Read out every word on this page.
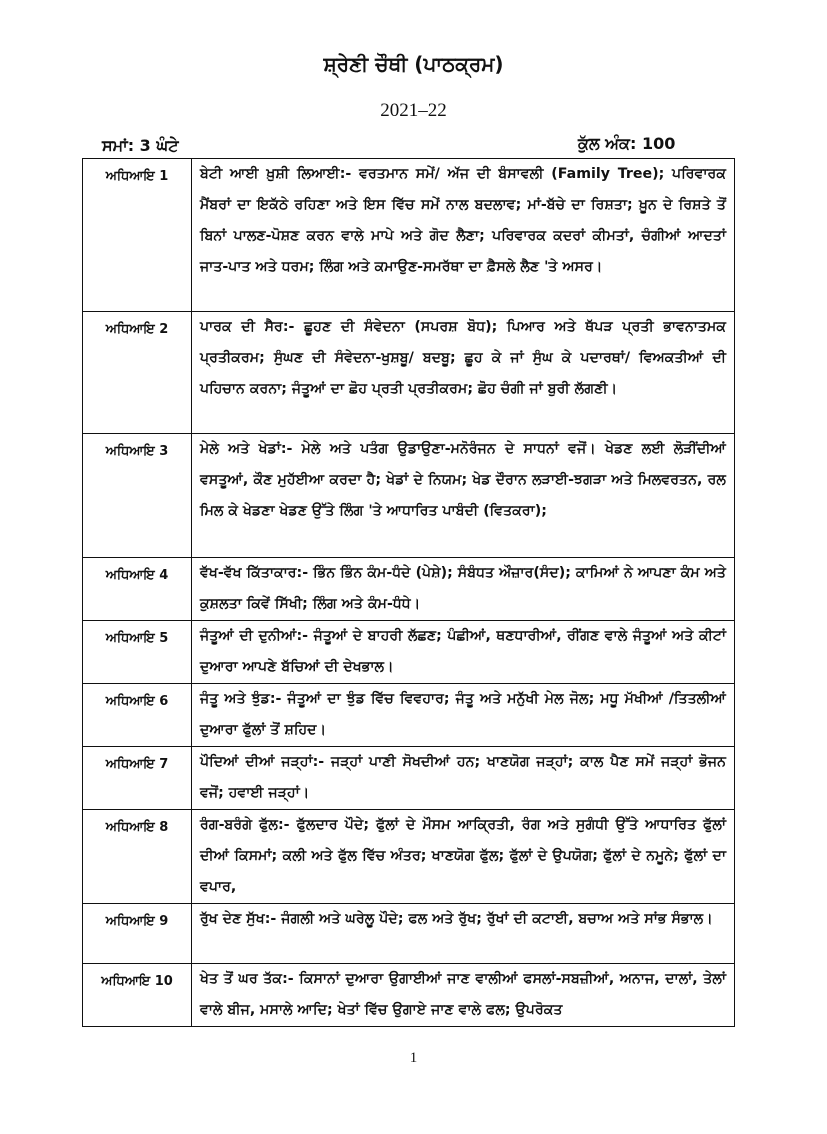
ਸ਼੍ਰੇਣੀ ਚੌਥੀ (ਪਾਠਕ੍ਰਮ)
2021–22
ਸਮਾਂ: 3 ਘੰਟੇ	ਕੁੱਲ ਅੰਕ: 100
ਅਧਿਆਇ 1	ਬੇਟੀ ਆਈ ਖ਼ੁਸ਼ੀ ਲਿਆਈ:- ਵਰਤਮਾਨ ਸਮੇਂ/ ਅੱਜ ਦੀ ਬੰਸਾਵਲੀ (Family Tree); ਪਰਿਵਾਰਕ ਮੈਂਬਰਾਂ ਦਾ ਇਕੱਠੇ ਰਹਿਣਾ ਅਤੇ ਇਸ ਵਿੱਚ ਸਮੇਂ ਨਾਲ ਬਦਲਾਵ; ਮਾਂ-ਬੱਚੇ ਦਾ ਰਿਸ਼ਤਾ; ਖ਼ੂਨ ਦੇ ਰਿਸ਼ਤੇ ਤੋਂ ਬਿਨਾਂ ਪਾਲਣ-ਪੋਸ਼ਣ ਕਰਨ ਵਾਲੇ ਮਾਪੇ ਅਤੇ ਗੋਦ ਲੈਣਾ; ਪਰਿਵਾਰਕ ਕਦਰਾਂ ਕੀਮਤਾਂ, ਚੰਗੀਆਂ ਆਦਤਾਂ ਜਾਤ-ਪਾਤ ਅਤੇ ਧਰਮ; ਲਿੰਗ ਅਤੇ ਕਮਾਉਣ-ਸਮਰੱਥਾ ਦਾ ਫ਼ੈਸਲੇ ਲੈਣ 'ਤੇ ਅਸਰ।
ਅਧਿਆਇ 2	ਪਾਰਕ ਦੀ ਸੈਰ:- ਛੂਹਣ ਦੀ ਸੰਵੇਦਨਾ (ਸਪਰਸ਼ ਬੋਧ); ਪਿਆਰ ਅਤੇ ਥੱਪੜ ਪ੍ਰਤੀ ਭਾਵਨਾਤਮਕ ਪ੍ਰਤੀਕਰਮ; ਸੁੰਘਣ ਦੀ ਸੰਵੇਦਨਾ-ਖੁਸ਼ਬੂ/ ਬਦਬੂ; ਛੂਹ ਕੇ ਜਾਂ ਸੁੰਘ ਕੇ ਪਦਾਰਥਾਂ/ ਵਿਅਕਤੀਆਂ ਦੀ ਪਹਿਚਾਨ ਕਰਨਾ; ਜੰਤੂਆਂ ਦਾ ਛੋਹ ਪ੍ਰਤੀ ਪ੍ਰਤੀਕਰਮ; ਛੋਹ ਚੰਗੀ ਜਾਂ ਬੁਰੀ ਲੱਗਣੀ।
ਅਧਿਆਇ 3	ਮੇਲੇ ਅਤੇ ਖੇਡਾਂ:- ਮੇਲੇ ਅਤੇ ਪਤੰਗ ਉਡਾਉਣਾ-ਮਨੋਰੰਜਨ ਦੇ ਸਾਧਨਾਂ ਵਜੋਂ। ਖੇਡਣ ਲਈ ਲੋੜੀਂਦੀਆਂ ਵਸਤੂਆਂ, ਕੌਣ ਮੁਹੱਈਆ ਕਰਦਾ ਹੈ; ਖੇਡਾਂ ਦੇ ਨਿਯਮ; ਖੇਡ ਦੌਰਾਨ ਲੜਾਈ-ਝਗੜਾ ਅਤੇ ਮਿਲਵਰਤਨ, ਰਲ ਮਿਲ ਕੇ ਖੇਡਣਾ ਖੇਡਣ ਉੱਤੇ ਲਿੰਗ 'ਤੇ ਆਧਾਰਿਤ ਪਾਬੰਦੀ (ਵਿਤਕਰਾ);
ਅਧਿਆਇ 4	ਵੱਖ-ਵੱਖ ਕਿੱਤਾਕਾਰ:- ਭਿੰਨ ਭਿੰਨ ਕੰਮ-ਧੰਦੇ (ਪੇਸ਼ੇ); ਸੰਬੰਧਤ ਔਜ਼ਾਰ(ਸੰਦ); ਕਾਮਿਆਂ ਨੇ ਆਪਣਾ ਕੰਮ ਅਤੇ ਕੁਸ਼ਲਤਾ ਕਿਵੇਂ ਸਿੱਖੀ; ਲਿੰਗ ਅਤੇ ਕੰਮ-ਧੰਧੇ।
ਅਧਿਆਇ 5	ਜੰਤੂਆਂ ਦੀ ਦੁਨੀਆਂ:- ਜੰਤੂਆਂ ਦੇ ਬਾਹਰੀ ਲੱਛਣ; ਪੰਛੀਆਂ, ਥਣਧਾਰੀਆਂ, ਰੀਂਗਣ ਵਾਲੇ ਜੰਤੂਆਂ ਅਤੇ ਕੀਟਾਂ ਦੁਆਰਾ ਆਪਣੇ ਬੱਚਿਆਂ ਦੀ ਦੇਖਭਾਲ।
ਅਧਿਆਇ 6	ਜੰਤੂ ਅਤੇ ਝੁੰਡ:- ਜੰਤੂਆਂ ਦਾ ਝੁੰਡ ਵਿੱਚ ਵਿਵਹਾਰ; ਜੰਤੂ ਅਤੇ ਮਨੁੱਖੀ ਮੇਲ ਜੋਲ; ਮਧੂ ਮੱਖੀਆਂ /ਤਿਤਲੀਆਂ ਦੁਆਰਾ ਫੁੱਲਾਂ ਤੋਂ ਸ਼ਹਿਦ।
ਅਧਿਆਇ 7	ਪੌਦਿਆਂ ਦੀਆਂ ਜੜ੍ਹਾਂ:- ਜੜ੍ਹਾਂ ਪਾਣੀ ਸੋਖਦੀਆਂ ਹਨ; ਖਾਣਯੋਗ ਜੜ੍ਹਾਂ; ਕਾਲ ਪੈਣ ਸਮੇਂ ਜੜ੍ਹਾਂ ਭੋਜਨ ਵਜੋਂ; ਹਵਾਈ ਜੜ੍ਹਾਂ।
ਅਧਿਆਇ 8	ਰੰਗ-ਬਰੰਗੇ ਫੁੱਲ:- ਫੁੱਲਦਾਰ ਪੌਦੇ; ਫੁੱਲਾਂ ਦੇ ਮੌਸਮ ਆਕ੍ਰਿਤੀ, ਰੰਗ ਅਤੇ ਸੁਗੰਧੀ ਉੱਤੇ ਆਧਾਰਿਤ ਫੁੱਲਾਂ ਦੀਆਂ ਕਿਸਮਾਂ; ਕਲੀ ਅਤੇ ਫੁੱਲ ਵਿੱਚ ਅੰਤਰ; ਖਾਣਯੋਗ ਫੁੱਲ; ਫੁੱਲਾਂ ਦੇ ਉਪਯੋਗ; ਫੁੱਲਾਂ ਦੇ ਨਮੂਨੇ; ਫੁੱਲਾਂ ਦਾ ਵਪਾਰ,
ਅਧਿਆਇ 9	ਰੁੱਖ ਦੇਣ ਸੁੱਖ:- ਜੰਗਲੀ ਅਤੇ ਘਰੇਲੂ ਪੌਦੇ; ਫਲ ਅਤੇ ਰੁੱਖ; ਰੁੱਖਾਂ ਦੀ ਕਟਾਈ, ਬਚਾਅ ਅਤੇ ਸਾਂਭ ਸੰਭਾਲ।
ਅਧਿਆਇ 10	ਖੇਤ ਤੋਂ ਘਰ ਤੱਕ:- ਕਿਸਾਨਾਂ ਦੁਆਰਾ ਉਗਾਈਆਂ ਜਾਣ ਵਾਲੀਆਂ ਫਸਲਾਂ-ਸਬਜ਼ੀਆਂ, ਅਨਾਜ, ਦਾਲਾਂ, ਤੇਲਾਂ ਵਾਲੇ ਬੀਜ, ਮਸਾਲੇ ਆਦਿ; ਖੇਤਾਂ ਵਿੱਚ ਉਗਾਏ ਜਾਣ ਵਾਲੇ ਫਲ; ਉਪਰੋਕਤ
1
